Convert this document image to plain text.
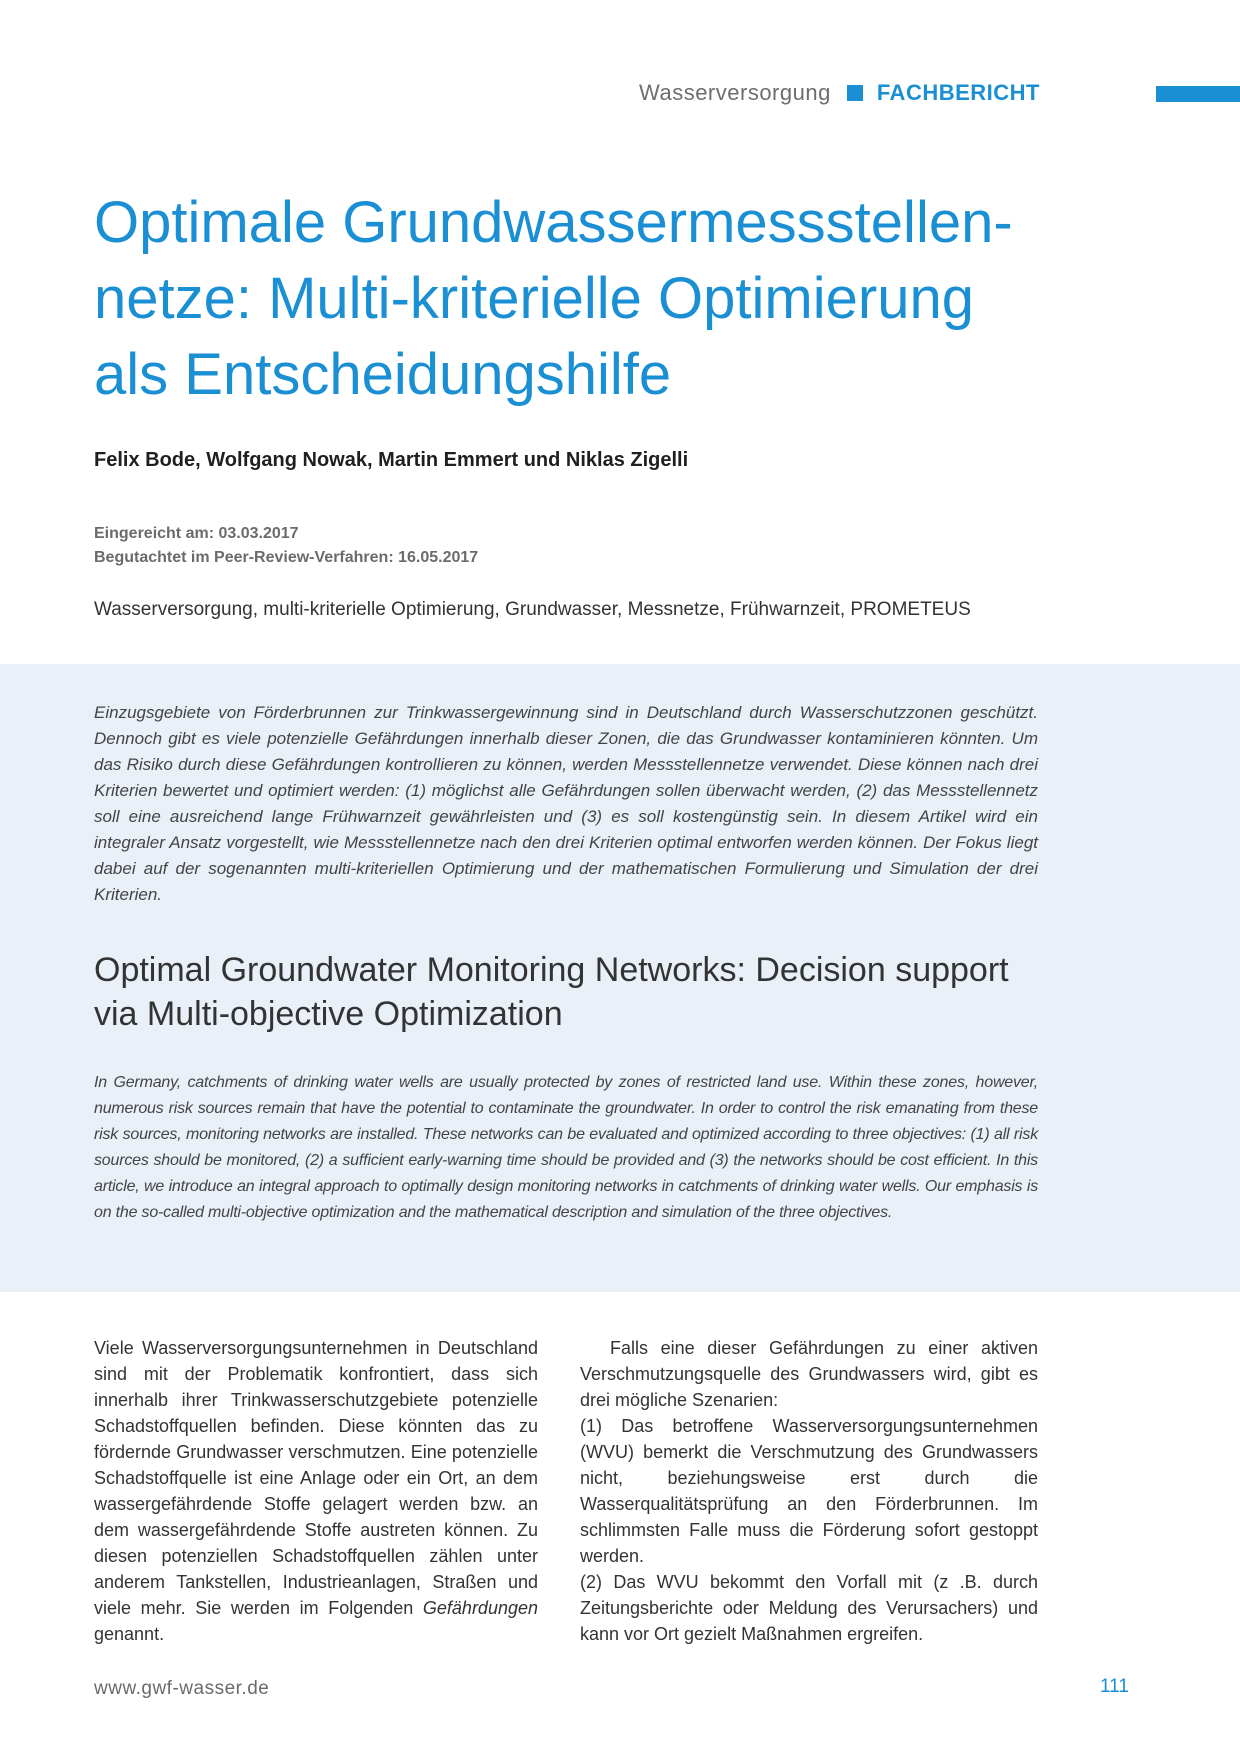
Wasserversorgung FACHBERICHT
Optimale Grundwassermessstellen-netze: Multi-kriterielle Optimierung als Entscheidungshilfe
Felix Bode, Wolfgang Nowak, Martin Emmert und Niklas Zigelli
Eingereicht am: 03.03.2017
Begutachtet im Peer-Review-Verfahren: 16.05.2017
Wasserversorgung, multi-kriterielle Optimierung, Grundwasser, Messnetze, Frühwarnzeit, PROMETEUS

Einzugsgebiete von Förderbrunnen zur Trinkwassergewinnung sind in Deutschland durch Wasserschutzzonen geschützt. Dennoch gibt es viele potenzielle Gefährdungen innerhalb dieser Zonen, die das Grundwasser kontaminieren könnten. Um das Risiko durch diese Gefährdungen kontrollieren zu können, werden Messstellennetze verwendet. Diese können nach drei Kriterien bewertet und optimiert werden: (1) möglichst alle Gefährdungen sollen überwacht werden, (2) das Messstellennetz soll eine ausreichend lange Frühwarnzeit gewährleisten und (3) es soll kostengünstig sein. In diesem Artikel wird ein integraler Ansatz vorgestellt, wie Messstellennetze nach den drei Kriterien optimal entworfen werden können. Der Fokus liegt dabei auf der sogenannten multi-kriteriellen Optimierung und der mathematischen Formulierung und Simulation der drei Kriterien.

Optimal Groundwater Monitoring Networks: Decision support via Multi-objective Optimization

In Germany, catchments of drinking water wells are usually protected by zones of restricted land use. Within these zones, however, numerous risk sources remain that have the potential to contaminate the groundwater. In order to control the risk emanating from these risk sources, monitoring networks are installed. These networks can be evaluated and optimized according to three objectives: (1) all risk sources should be monitored, (2) a sufficient early-warning time should be provided and (3) the networks should be cost efficient. In this article, we introduce an integral approach to optimally design monitoring networks in catchments of drinking water wells. Our emphasis is on the so-called multi-objective optimization and the mathematical description and simulation of the three objectives.

Viele Wasserversorgungsunternehmen in Deutschland sind mit der Problematik konfrontiert, dass sich innerhalb ihrer Trinkwasserschutzgebiete potenzielle Schadstoffquellen befinden. Diese könnten das zu fördernde Grundwasser verschmutzen. Eine potenzielle Schadstoffquelle ist eine Anlage oder ein Ort, an dem wassergefährdende Stoffe gelagert werden bzw. an dem wassergefährdende Stoffe austreten können. Zu diesen potenziellen Schadstoffquellen zählen unter anderem Tankstellen, Industrieanlagen, Straßen und viele mehr. Sie werden im Folgenden Gefährdungen genannt.

Falls eine dieser Gefährdungen zu einer aktiven Verschmutzungsquelle des Grundwassers wird, gibt es drei mögliche Szenarien:

(1) Das betroffene Wasserversorgungsunternehmen (WVU) bemerkt die Verschmutzung des Grundwassers nicht, beziehungsweise erst durch die Wasserqualitätsprüfung an den Förderbrunnen. Im schlimmsten Falle muss die Förderung sofort gestoppt werden.

(2) Das WVU bekommt den Vorfall mit (z .B. durch Zeitungsberichte oder Meldung des Verursachers) und kann vor Ort gezielt Maßnahmen ergreifen.

www.gwf-wasser.de	111
